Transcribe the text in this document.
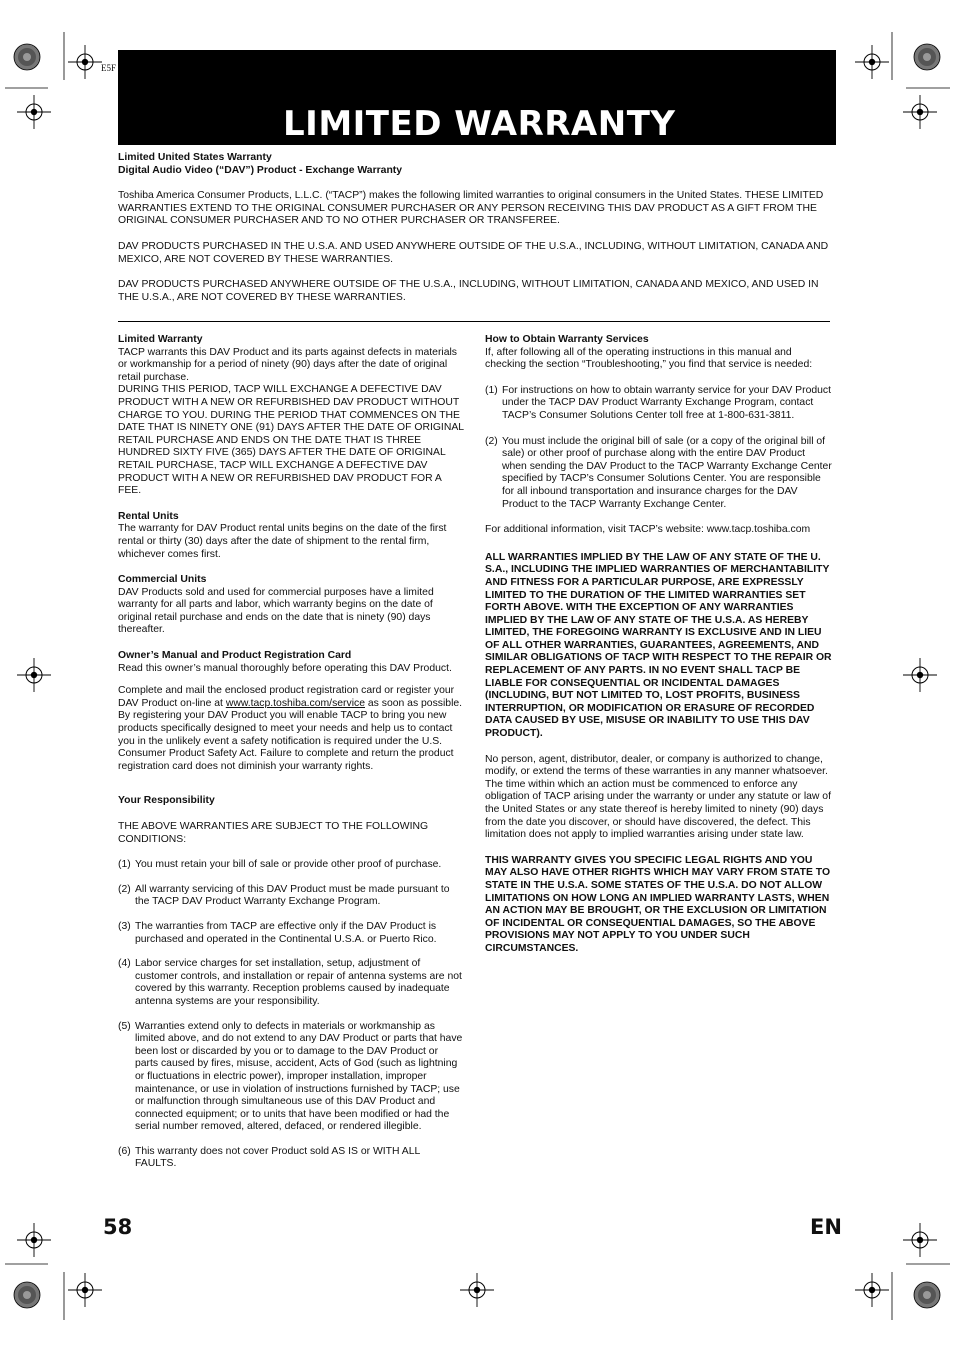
E5F
LIMITED WARRANTY

Limited United States Warranty

Digital Audio Video (“DAV”) Product - Exchange Warranty

Toshiba America Consumer Products, L.L.C. (“TACP”) makes the following limited warranties to original consumers in the United States. THESE LIMITED WARRANTIES EXTEND TO THE ORIGINAL CONSUMER PURCHASER OR ANY PERSON RECEIVING THIS DAV PRODUCT AS A GIFT FROM THE ORIGINAL CONSUMER PURCHASER AND TO NO OTHER PURCHASER OR TRANSFEREE.

DAV PRODUCTS PURCHASED IN THE U.S.A. AND USED ANYWHERE OUTSIDE OF THE U.S.A., INCLUDING, WITHOUT LIMITATION, CANADA AND MEXICO, ARE NOT COVERED BY THESE WARRANTIES.

DAV PRODUCTS PURCHASED ANYWHERE OUTSIDE OF THE U.S.A., INCLUDING, WITHOUT LIMITATION, CANADA AND MEXICO, AND USED IN THE U.S.A., ARE NOT COVERED BY THESE WARRANTIES.

Limited Warranty

TACP warrants this DAV Product and its parts against defects in materials or workmanship for a period of ninety (90) days after the date of original retail purchase.

DURING THIS PERIOD, TACP WILL EXCHANGE A DEFECTIVE DAV PRODUCT WITH A NEW OR REFURBISHED DAV PRODUCT WITHOUT CHARGE TO YOU. DURING THE PERIOD THAT COMMENCES ON THE DATE THAT IS NINETY ONE (91) DAYS AFTER THE DATE OF ORIGINAL RETAIL PURCHASE AND ENDS ON THE DATE THAT IS THREE HUNDRED SIXTY FIVE (365) DAYS AFTER THE DATE OF ORIGINAL RETAIL PURCHASE, TACP WILL EXCHANGE A DEFECTIVE DAV PRODUCT WITH A NEW OR REFURBISHED DAV PRODUCT FOR A FEE.

Rental Units

The warranty for DAV Product rental units begins on the date of the first rental or thirty (30) days after the date of shipment to the rental firm, whichever comes first.

Commercial Units

DAV Products sold and used for commercial purposes have a limited warranty for all parts and labor, which warranty begins on the date of original retail purchase and ends on the date that is ninety (90) days thereafter.

Owner’s Manual and Product Registration Card

Read this owner’s manual thoroughly before operating this DAV Product.

Complete and mail the enclosed product registration card or register your DAV Product on-line at www.tacp.toshiba.com/service as soon as possible. By registering your DAV Product you will enable TACP to bring you new products specifically designed to meet your needs and help us to contact you in the unlikely event a safety notification is required under the U.S. Consumer Product Safety Act. Failure to complete and return the product registration card does not diminish your warranty rights.

Your Responsibility

THE ABOVE WARRANTIES ARE SUBJECT TO THE FOLLOWING CONDITIONS:

(1) You must retain your bill of sale or provide other proof of purchase.
(2) All warranty servicing of this DAV Product must be made pursuant to the TACP DAV Product Warranty Exchange Program.
(3) The warranties from TACP are effective only if the DAV Product is purchased and operated in the Continental U.S.A. or Puerto Rico.
(4) Labor service charges for set installation, setup, adjustment of customer controls, and installation or repair of antenna systems are not covered by this warranty. Reception problems caused by inadequate antenna systems are your responsibility.
(5) Warranties extend only to defects in materials or workmanship as limited above, and do not extend to any DAV Product or parts that have been lost or discarded by you or to damage to the DAV Product or parts caused by fires, misuse, accident, Acts of God (such as lightning or fluctuations in electric power), improper installation, improper maintenance, or use in violation of instructions furnished by TACP; use or malfunction through simultaneous use of this DAV Product and connected equipment; or to units that have been modified or had the serial number removed, altered, defaced, or rendered illegible.
(6) This warranty does not cover Product sold AS IS or WITH ALL FAULTS.

How to Obtain Warranty Services

If, after following all of the operating instructions in this manual and checking the section “Troubleshooting,” you find that service is needed:

(1) For instructions on how to obtain warranty service for your DAV Product under the TACP DAV Product Warranty Exchange Program, contact TACP’s Consumer Solutions Center toll free at 1-800-631-3811.
(2) You must include the original bill of sale (or a copy of the original bill of sale) or other proof of purchase along with the entire DAV Product when sending the DAV Product to the TACP Warranty Exchange Center specified by TACP’s Consumer Solutions Center. You are responsible for all inbound transportation and insurance charges for the DAV Product to the TACP Warranty Exchange Center.

For additional information, visit TACP’s website: www.tacp.toshiba.com

ALL WARRANTIES IMPLIED BY THE LAW OF ANY STATE OF THE U. S.A., INCLUDING THE IMPLIED WARRANTIES OF MERCHANTABILITY AND FITNESS FOR A PARTICULAR PURPOSE, ARE EXPRESSLY LIMITED TO THE DURATION OF THE LIMITED WARRANTIES SET FORTH ABOVE. WITH THE EXCEPTION OF ANY WARRANTIES IMPLIED BY THE LAW OF ANY STATE OF THE U.S.A. AS HEREBY LIMITED, THE FOREGOING WARRANTY IS EXCLUSIVE AND IN LIEU OF ALL OTHER WARRANTIES, GUARANTEES, AGREEMENTS, AND SIMILAR OBLIGATIONS OF TACP WITH RESPECT TO THE REPAIR OR REPLACEMENT OF ANY PARTS. IN NO EVENT SHALL TACP BE LIABLE FOR CONSEQUENTIAL OR INCIDENTAL DAMAGES (INCLUDING, BUT NOT LIMITED TO, LOST PROFITS, BUSINESS INTERRUPTION, OR MODIFICATION OR ERASURE OF RECORDED DATA CAUSED BY USE, MISUSE OR INABILITY TO USE THIS DAV PRODUCT).

No person, agent, distributor, dealer, or company is authorized to change, modify, or extend the terms of these warranties in any manner whatsoever. The time within which an action must be commenced to enforce any obligation of TACP arising under the warranty or under any statute or law of the United States or any state thereof is hereby limited to ninety (90) days from the date you discover, or should have discovered, the defect. This limitation does not apply to implied warranties arising under state law.

THIS WARRANTY GIVES YOU SPECIFIC LEGAL RIGHTS AND YOU MAY ALSO HAVE OTHER RIGHTS WHICH MAY VARY FROM STATE TO STATE IN THE U.S.A. SOME STATES OF THE U.S.A. DO NOT ALLOW LIMITATIONS ON HOW LONG AN IMPLIED WARRANTY LASTS, WHEN AN ACTION MAY BE BROUGHT, OR THE EXCLUSION OR LIMITATION OF INCIDENTAL OR CONSEQUENTIAL DAMAGES, SO THE ABOVE PROVISIONS MAY NOT APPLY TO YOU UNDER SUCH CIRCUMSTANCES.

58	EN
